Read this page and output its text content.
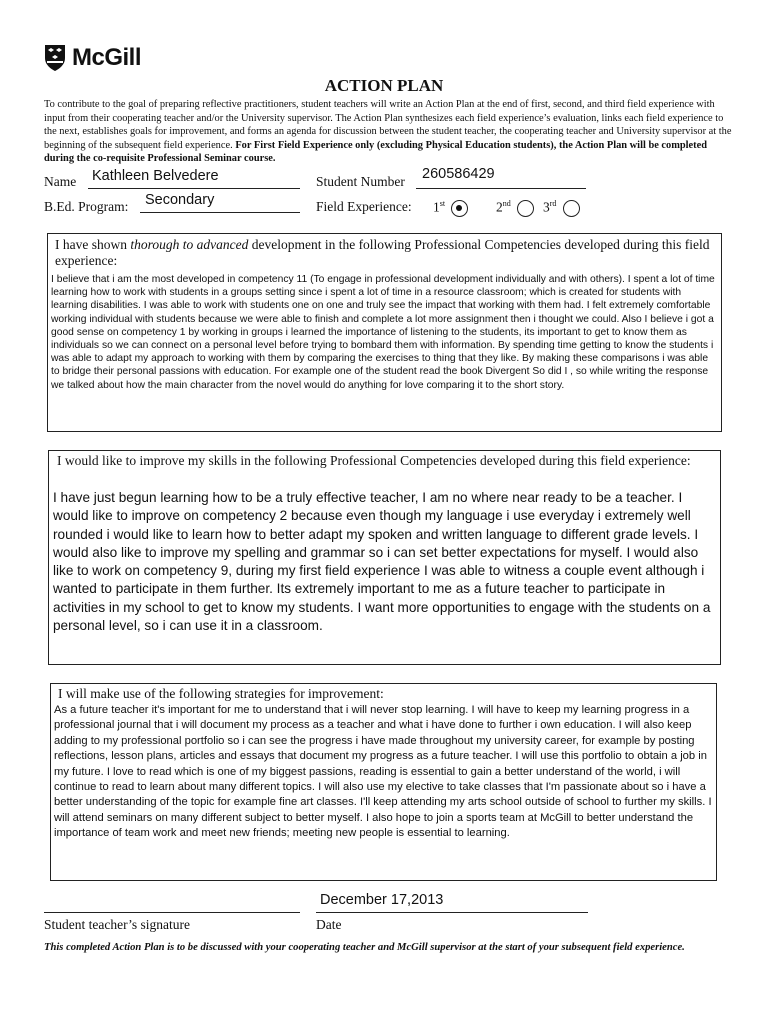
McGill
ACTION PLAN
To contribute to the goal of preparing reflective practitioners, student teachers will write an Action Plan at the end of first, second, and third field experience with input from their cooperating teacher and/or the University supervisor. The Action Plan synthesizes each field experience’s evaluation, links each field experience to the next, establishes goals for improvement, and forms an agenda for discussion between the student teacher, the cooperating teacher and University supervisor at the beginning of the subsequent field experience. For First Field Experience only (excluding Physical Education students), the Action Plan will be completed during the co-requisite Professional Seminar course.
Name Kathleen Belvedere	Student Number 260586429
B.Ed. Program: Secondary	Field Experience: 1st	2nd 3rd
I have shown thorough to advanced development in the following Professional Competencies developed during this field experience:
I believe that i am the most developed in competency 11 (To engage in professional development individually and with others). I spent a lot of time learning how to work with students in a groups setting since i spent a lot of time in a resource classroom; which is created for students with learning disabilities. I was able to work with students one on one and truly see the impact that working with them had. I felt extremely comfortable working individual with students because we were able to finish and complete a lot more assignment then i thought we could. Also I believe i got a good sense on competency 1 by working in groups i learned the importance of listening to the students, its important to get to know them as individuals so we can connect on a personal level before trying to bombard them with information. By spending time getting to know the students i was able to adapt my approach to working with them by comparing the exercises to thing that they like. By making these comparisons i was able to bridge their personal passions with education. For example one of the student read the book Divergent So did I , so while writing the response we talked about how the main character from the novel would do anything for love comparing it to the short story.
I would like to improve my skills in the following Professional Competencies developed during this field experience:
I have just begun learning how to be a truly effective teacher, I am no where near ready to be a teacher. I would like to improve on competency 2 because even though my language i use everyday i extremely well rounded i would like to learn how to better adapt my spoken and written language to different grade levels. I would also like to improve my spelling and grammar so i can set better expectations for myself. I would also like to work on competency 9, during my first field experience I was able to witness a couple event although i wanted to participate in them further. Its extremely important to me as a future teacher to participate in activities in my school to get to know my students. I want more opportunities to engage with the students on a personal level, so i can use it in a classroom.
I will make use of the following strategies for improvement:
As a future teacher it's important for me to understand that i will never stop learning. I will have to keep my learning progress in a professional journal that i will document my process as a teacher and what i have done to further i own education. I will also keep adding to my professional portfolio so i can see the progress i have made throughout my university career, for example by posting reflections, lesson plans, articles and essays that document my progress as a future teacher. I will use this portfolio to obtain a job in my future. I love to read which is one of my biggest passions, reading is essential to gain a better understand of the world, i will continue to read to learn about many different topics. I will also use my elective to take classes that I'm passionate about so i have a better understanding of the topic for example fine art classes. I'll keep attending my arts school outside of school to further my skills. I will attend seminars on many different subject to better myself. I also hope to join a sports team at McGill to better understand the importance of team work and meet new friends; meeting new people is essential to learning.
Student teacher’s signature
December 17,2013
Date
This completed Action Plan is to be discussed with your cooperating teacher and McGill supervisor at the start of your subsequent field experience.
